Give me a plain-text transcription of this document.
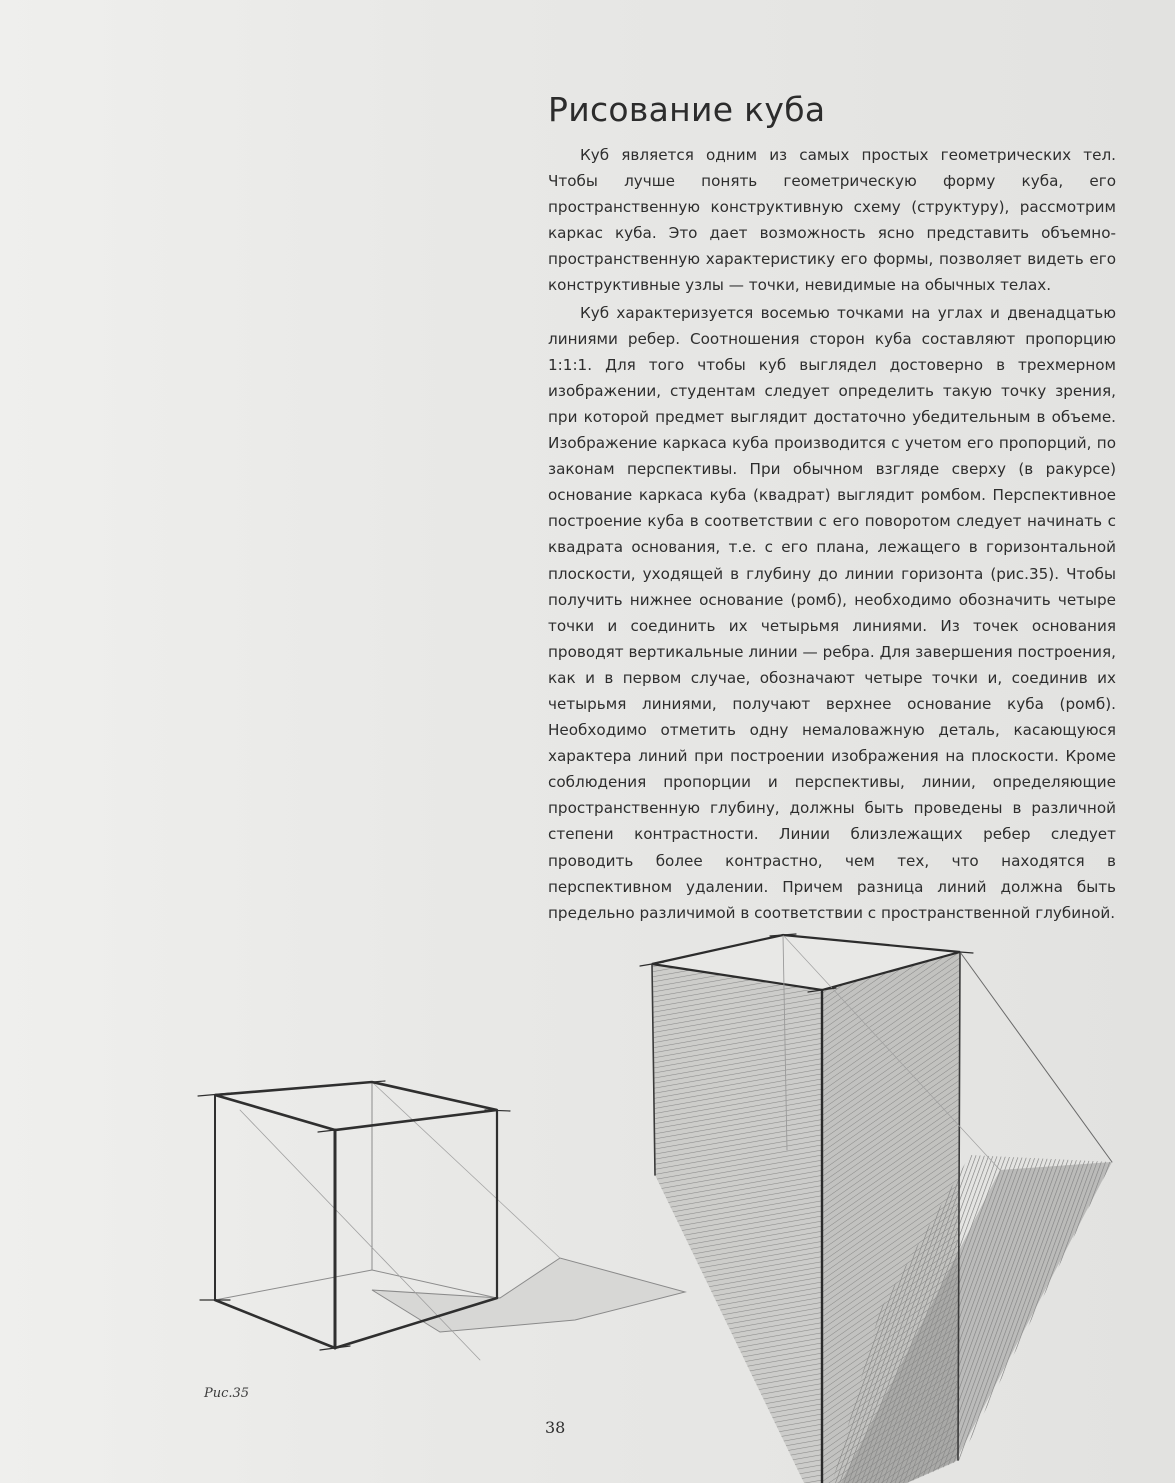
Рисование куба

Куб является одним из самых простых геометрических тел. Чтобы лучше понять геометрическую форму куба, его пространственную конструктивную схему (структуру), рассмотрим каркас куба. Это дает возможность ясно представить объемно-пространственную характеристику его формы, позволяет видеть его конструктивные узлы — точки, невидимые на обычных телах.

Куб характеризуется восемью точками на углах и двенадцатью линиями ребер. Соотношения сторон куба составляют пропорцию 1:1:1. Для того чтобы куб выглядел достоверно в трехмерном изображении, студентам следует определить такую точку зрения, при которой предмет выглядит достаточно убедительным в объеме. Изображение каркаса куба производится с учетом его пропорций, по законам перспективы. При обычном взгляде сверху (в ракурсе) основание каркаса куба (квадрат) выглядит ромбом. Перспективное построение куба в соответствии с его поворотом следует начинать с квадрата основания, т.е. с его плана, лежащего в горизонтальной плоскости, уходящей в глубину до линии горизонта (рис.35). Чтобы получить нижнее основание (ромб), необходимо обозначить четыре точки и соединить их четырьмя линиями. Из точек основания проводят вертикальные линии — ребра. Для завершения построения, как и в первом случае, обозначают четыре точки и, соединив их четырьмя линиями, получают верхнее основание куба (ромб). Необходимо отметить одну немаловажную деталь, касающуюся характера линий при построении изображения на плоскости. Кроме соблюдения пропорции и перспективы, линии, определяющие пространственную глубину, должны быть проведены в различной степени контрастности. Линии близлежащих ребер следует проводить более контрастно, чем тех, что находятся в перспективном удалении. Причем разница линий должна быть предельно различимой в соответствии с пространственной глубиной.

Рис.35
38
